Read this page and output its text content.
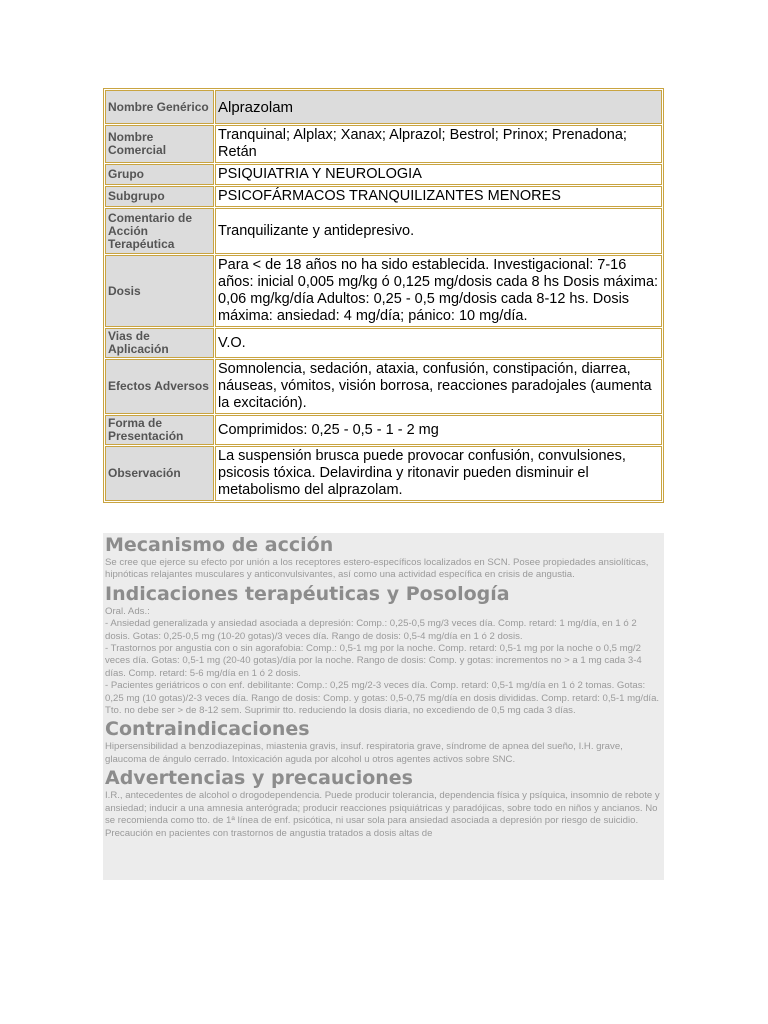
Nombre Genérico	Alprazolam
Nombre Comercial	Tranquinal; Alplax; Xanax; Alprazol; Bestrol; Prinox; Prenadona; Retán
Grupo	PSIQUIATRIA Y NEUROLOGIA
Subgrupo	PSICOFÁRMACOS TRANQUILIZANTES MENORES
Comentario de Acción Terapéutica	Tranquilizante y antidepresivo.
Dosis	Para < de 18 años no ha sido establecida. Investigacional: 7-16 años: inicial 0,005 mg/kg ó 0,125 mg/dosis cada 8 hs Dosis máxima: 0,06 mg/kg/día Adultos: 0,25 - 0,5 mg/dosis cada 8-12 hs. Dosis máxima: ansiedad: 4 mg/día; pánico: 10 mg/día.
Vias de Aplicación	V.O.
Efectos Adversos	Somnolencia, sedación, ataxia, confusión, constipación, diarrea, náuseas, vómitos, visión borrosa, reacciones paradojales (aumenta la excitación).
Forma de Presentación	Comprimidos: 0,25 - 0,5 - 1 - 2 mg
Observación	La suspensión brusca puede provocar confusión, convulsiones, psicosis tóxica. Delavirdina y ritonavir pueden disminuir el metabolismo del alprazolam.
Mecanismo de acción

Se cree que ejerce su efecto por unión a los receptores estero-específicos localizados en SCN. Posee propiedades ansiolíticas, hipnóticas relajantes musculares y anticonvulsivantes, así como una actividad específica en crisis de angustia.

Indicaciones terapéuticas y Posología

Oral. Ads.:

- Ansiedad generalizada y ansiedad asociada a depresión: Comp.: 0,25-0,5 mg/3 veces día. Comp. retard: 1 mg/día, en 1 ó 2 dosis. Gotas: 0,25-0,5 mg (10-20 gotas)/3 veces día. Rango de dosis: 0,5-4 mg/día en 1 ó 2 dosis.

- Trastornos por angustia con o sin agorafobia: Comp.: 0,5-1 mg por la noche. Comp. retard: 0,5-1 mg por la noche o 0,5 mg/2 veces día. Gotas: 0,5-1 mg (20-40 gotas)/día por la noche. Rango de dosis: Comp. y gotas: incrementos no > a 1 mg cada 3-4 días. Comp. retard: 5-6 mg/día en 1 ó 2 dosis.

- Pacientes geriátricos o con enf. debilitante: Comp.: 0,25 mg/2-3 veces día. Comp. retard: 0,5-1 mg/día en 1 ó 2 tomas. Gotas: 0,25 mg (10 gotas)/2-3 veces día. Rango de dosis: Comp. y gotas: 0,5-0,75 mg/día en dosis divididas. Comp. retard: 0,5-1 mg/día.

Tto. no debe ser > de 8-12 sem. Suprimir tto. reduciendo la dosis diaria, no excediendo de 0,5 mg cada 3 días.

Contraindicaciones

Hipersensibilidad a benzodiazepinas, miastenia gravis, insuf. respiratoria grave, síndrome de apnea del sueño, I.H. grave, glaucoma de ángulo cerrado. Intoxicación aguda por alcohol u otros agentes activos sobre SNC.

Advertencias y precauciones

I.R., antecedentes de alcohol o drogodependencia. Puede producir tolerancia, dependencia física y psíquica, insomnio de rebote y ansiedad; inducir a una amnesia anterógrada; producir reacciones psiquiátricas y paradójicas, sobre todo en niños y ancianos. No se recomienda como tto. de 1ª línea de enf. psicótica, ni usar sola para ansiedad asociada a depresión por riesgo de suicidio. Precaución en pacientes con trastornos de angustia tratados a dosis altas de
